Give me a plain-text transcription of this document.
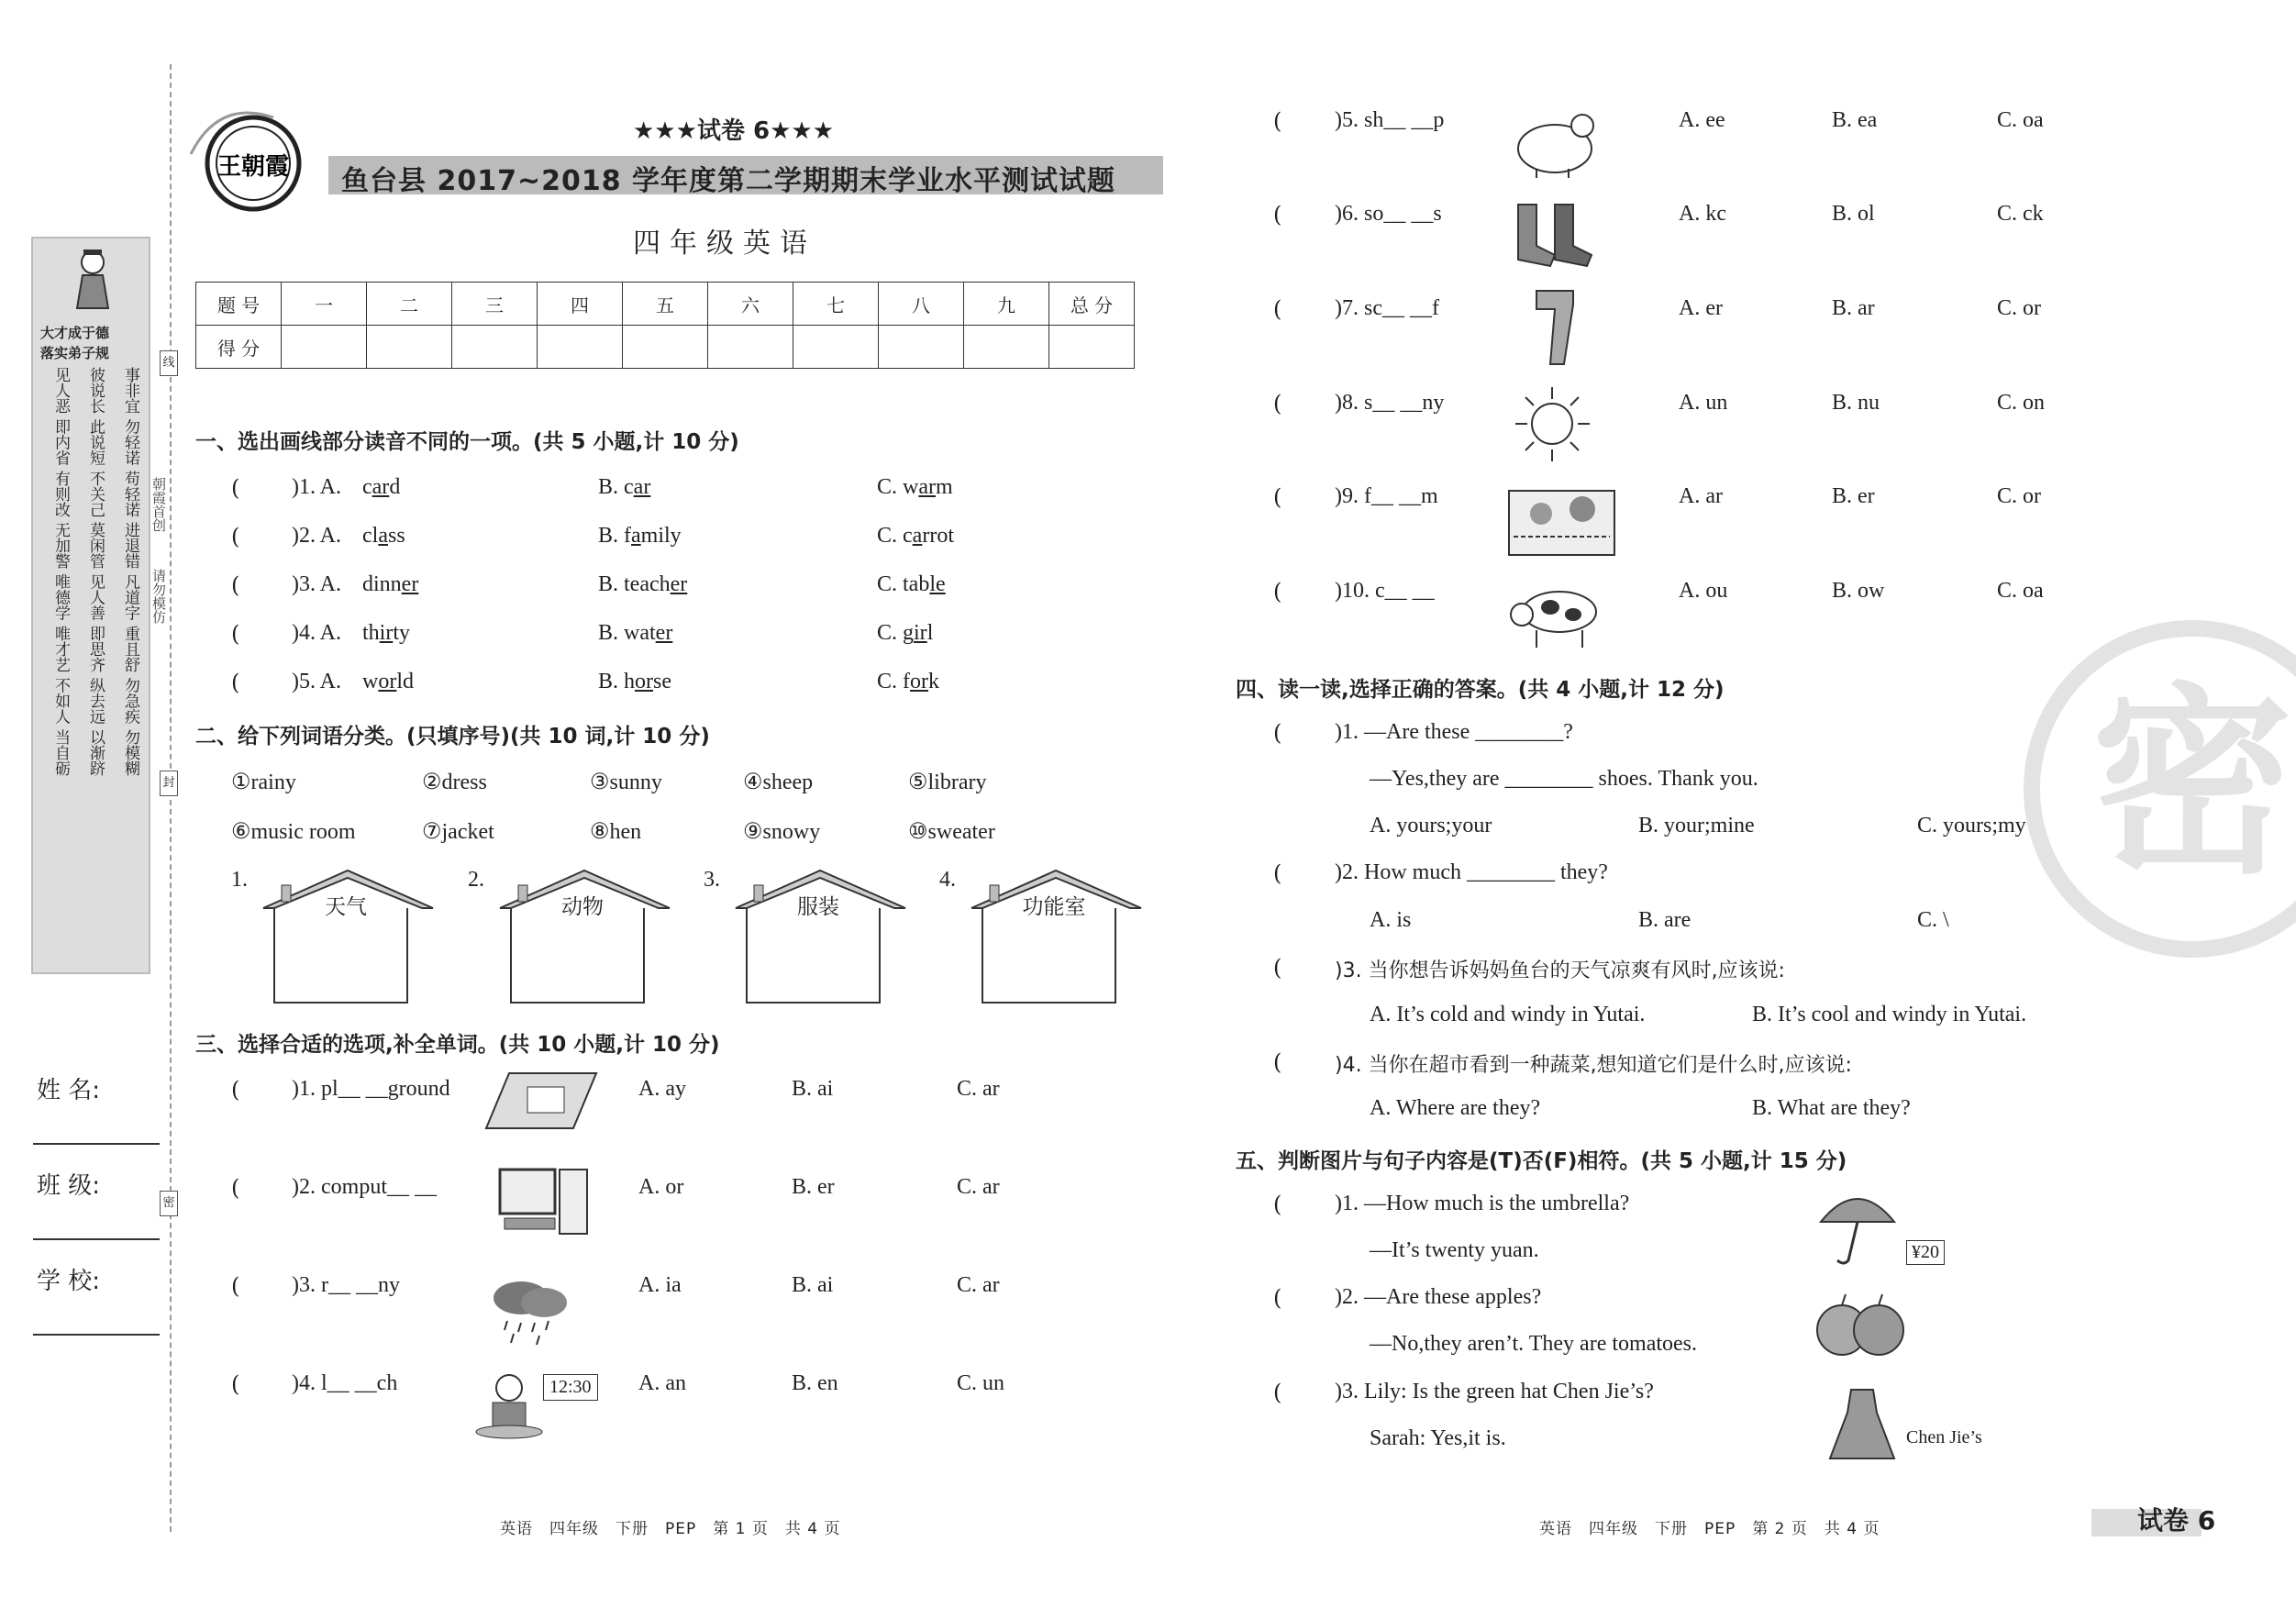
大才成于德
落实弟子规
见人恶 即内省 有则改 无加警 唯德学 唯才艺 不如人 当自砺	彼说长 此说短 不关己 莫闲管 见人善 即思齐 纵去远 以渐跻	事非宜 勿轻诺 苟轻诺 进退错 凡道字 重且舒 勿急疾 勿模糊 朝霞首创
请勿模仿
线
封
密
姓 名:
班 级:
学 校:
王朝霞
★★★试卷 6★★★
鱼台县 2017~2018 学年度第二学期期末学业水平测试试题
四年级英语
题 号	一	二	三	四	五	六	七	八	九	总 分
得 分										
一、选出画线部分读音不同的一项。(共 5 小题,计 10 分)
( )1. A. card	B. car	C. warm
( )2. A. class	B. family	C. carrot
( )3. A. dinner	B. teacher	C. table
( )4. A. thirty	B. water	C. girl
( )5. A. world	B. horse	C. fork
二、给下列词语分类。(只填序号)(共 10 词,计 10 分)
①rainy	②dress	③sunny	④sheep	⑤library
⑥music room	⑦jacket	⑧hen	⑨snowy	⑩sweater
1.
天气
2.
动物
3.
服装
4.
功能室
三、选择合适的选项,补全单词。(共 10 小题,计 10 分)
( )1. pl__ __ground	A. ay	B. ai	C. ar
( )2. comput__ __	A. or	B. er	C. ar
( )3. r__ __ny	A. ia	B. ai	C. ar
( )4. l__ __ch	A. an	B. en	C. un
12:30
( )5. sh__ __p	A. ee	B. ea	C. oa
( )6. so__ __s	A. kc	B. ol	C. ck
( )7. sc__ __f	A. er	B. ar	C. or
( )8. s__ __ny	A. un	B. nu	C. on
( )9. f__ __m	A. ar	B. er	C. or
( )10. c__ __	A. ou	B. ow	C. oa
四、读一读,选择正确的答案。(共 4 小题,计 12 分)
( )1. —Are these ________?
—Yes,they are ________ shoes. Thank you.
A. yours;your	B. your;mine	C. yours;my
( )2. How much ________ they?
A. is	B. are	C. \
(	)3. 当你想告诉妈妈鱼台的天气凉爽有风时,应该说:
A. It’s cold and windy in Yutai.	B. It’s cool and windy in Yutai.
(	)4. 当你在超市看到一种蔬菜,想知道它们是什么时,应该说:
A. Where are they?	B. What are they?
五、判断图片与句子内容是(T)否(F)相符。(共 5 小题,计 15 分)
( )1. —How much is the umbrella?
—It’s twenty yuan.
( )2. —Are these apples?
—No,they aren’t. They are tomatoes.
( )3. Lily: Is the green hat Chen Jie’s?
Sarah: Yes,it is.
¥20
Chen Jie’s
密
英语　四年级　下册　PEP　第 1 页　共 4 页	英语　四年级　下册　PEP　第 2 页　共 4 页	试卷 6
